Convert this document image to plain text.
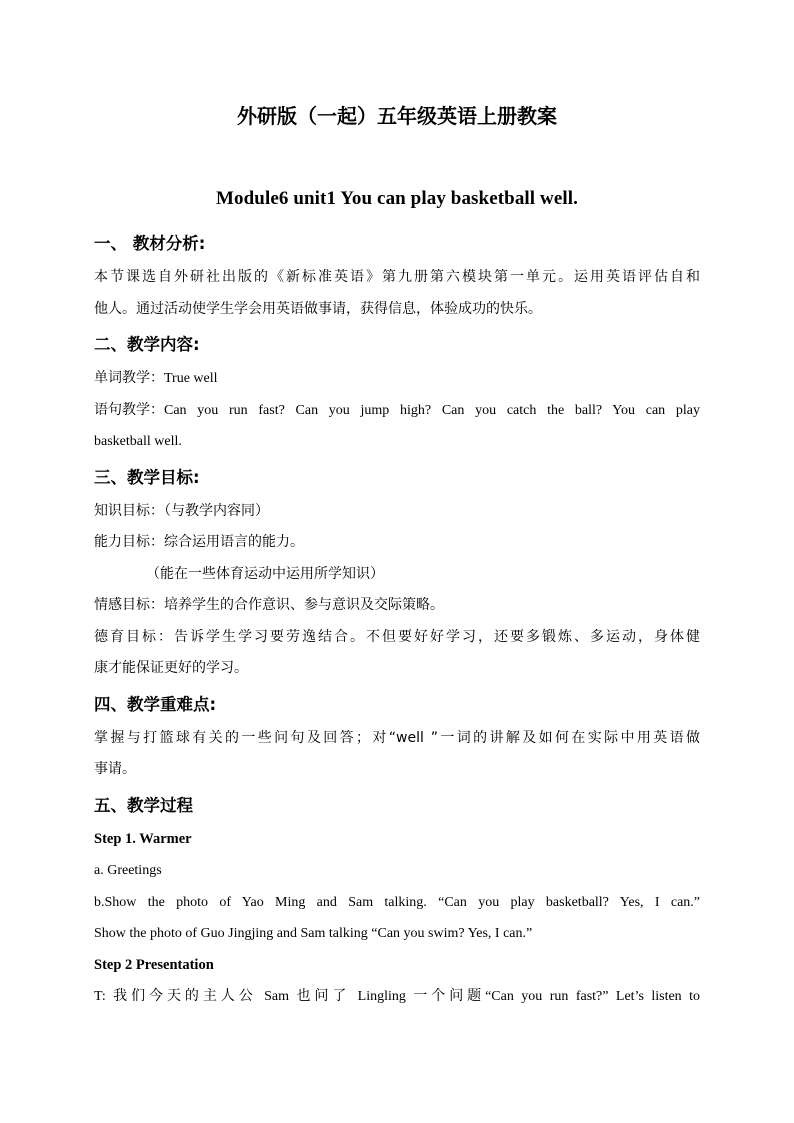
外研版（一起）五年级英语上册教案
Module6 unit1 You can play basketball well.
一、 教材分析:
本节课选自外研社出版的《新标准英语》第九册第六模块第一单元。运用英语评估自和
他人。通过活动使学生学会用英语做事请，获得信息，体验成功的快乐。
二、教学内容:
单词教学：True well
语句教学： Can you run fast? Can you jump high? Can you catch the ball? You can play
basketball well.
三、教学目标:
知识目标：（与教学内容同）
能力目标：综合运用语言的能力。
（能在一些体育运动中运用所学知识）
情感目标：培养学生的合作意识、参与意识及交际策略。
德育目标：告诉学生学习要劳逸结合。不但要好好学习，还要多锻炼、多运动，身体健
康才能保证更好的学习。
四、教学重难点:
掌握与打篮球有关的一些问句及回答；对“well ”一词的讲解及如何在实际中用英语做
事请。
五、教学过程
Step 1. Warmer
a. Greetings
b.Show the photo of Yao Ming and Sam talking. “Can you play basketball? Yes, I can.”
Show the photo of Guo Jingjing and Sam talking “Can you swim? Yes, I can.”
Step 2 Presentation
T: 我们今天的主人公 Sam 也问了 Lingling 一个问题“Can you run fast?” Let’s listen to
